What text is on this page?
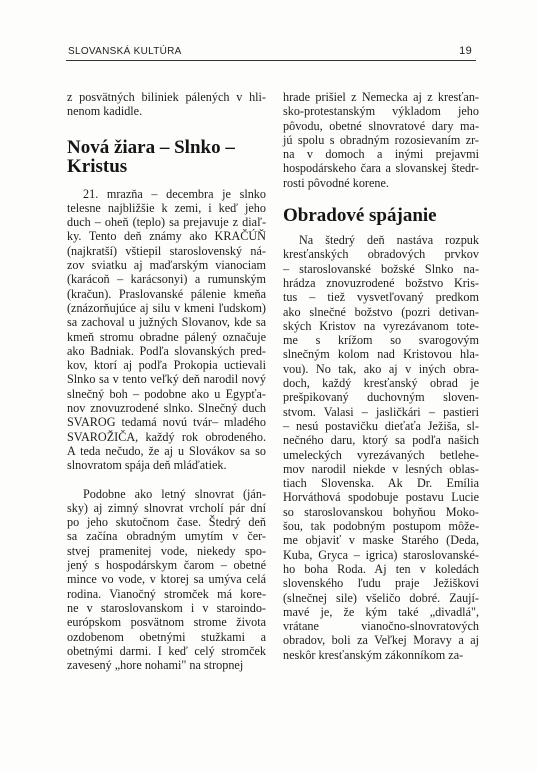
SLOVANSKÁ KULTÚRA	19

z posvätných biliniek pálených v hli-
nenom kadidle.

Nová žiara – Slnko –
Kristus

21. mrazňa – decembra je slnko
telesne najbližšie k zemi, i keď jeho
duch – oheň (teplo) sa prejavuje z diaľ-
ky. Tento deň známy ako KRAČÚŇ
(najkratší) vštiepil staroslovenský ná-
zov sviatku aj maďarským vianociam
(karácoň – karácsonyi) a rumunským
(kračun). Praslovanské pálenie kmeňa
(znázorňujúce aj silu v kmeni ľudskom)
sa zachoval u južných Slovanov, kde sa
kmeň stromu obradne pálený označuje
ako Badniak. Podľa slovanských pred-
kov, ktorí aj podľa Prokopia uctievali
Slnko sa v tento veľký deň narodil nový
slnečný boh – podobne ako u Egypťa-
nov znovuzrodené slnko. Slnečný duch
SVAROG tedamá novú tvár– mladého
SVAROŽIČA, každý rok obrodeného.
A teda nečudo, že aj u Slovákov sa so
slnovratom spája deň mláďatiek.

Podobne ako letný slnovrat (ján-
sky) aj zimný slnovrat vrcholí pár dní
po jeho skutočnom čase. Štedrý deň
sa začína obradným umytím v čer-
stvej pramenitej vode, niekedy spo-
jený s hospodárskym čarom – obetné
mince vo vode, v ktorej sa umýva celá
rodina. Vianočný stromček má kore-
ne v staroslovanskom i v staroindo-
európskom posvätnom strome života
ozdobenom obetnými stužkami a
obetnými darmi. I keď celý stromček
zavesený „hore nohami" na stropnej

hrade prišiel z Nemecka aj z kresťan-
sko-protestanským výkladom jeho
pôvodu, obetné slnovratové dary ma-
jú spolu s obradným rozosievaním zr-
na v domoch a inými prejavmi
hospodárskeho čara a slovanskej štedr-
rosti pôvodné korene.

Obradové spájanie

Na štedrý deň nastáva rozpuk
kresťanských obradových prvkov
– staroslovanské božské Slnko na-
hrádza znovuzrodené božstvo Kris-
tus – tiež vysvetľovaný predkom
ako slnečné božstvo (pozri detivan-
ských Kristov na vyrezávanom tote-
me s krížom so svarogovým
slnečným kolom nad Kristovou hla-
vou). No tak, ako aj v iných obra-
doch, každý kresťanský obrad je
prešpikovaný duchovným sloven-
stvom. Valasi – jasličkári – pastieri
– nesú postavičku dieťaťa Ježiša, sl-
nečného daru, ktorý sa podľa našich
umeleckých vyrezávaných betlehe-
mov narodil niekde v lesných oblas-
tiach Slovenska. Ak Dr. Emília
Horváthová spodobuje postavu Lucie
so staroslovanskou bohyňou Moko-
šou, tak podobným postupom môže-
me objaviť v maske Starého (Deda,
Kuba, Gryca – igrica) staroslovanské-
ho boha Roda. Aj ten v koledách
slovenského ľudu praje Ježiškovi
(slnečnej sile) všeličo dobré. Zaují-
mavé je, že kým také „divadlá",
vrátane vianočno-slnovratových
obradov, boli za Veľkej Moravy a aj
neskôr kresťanským zákonníkom za-
